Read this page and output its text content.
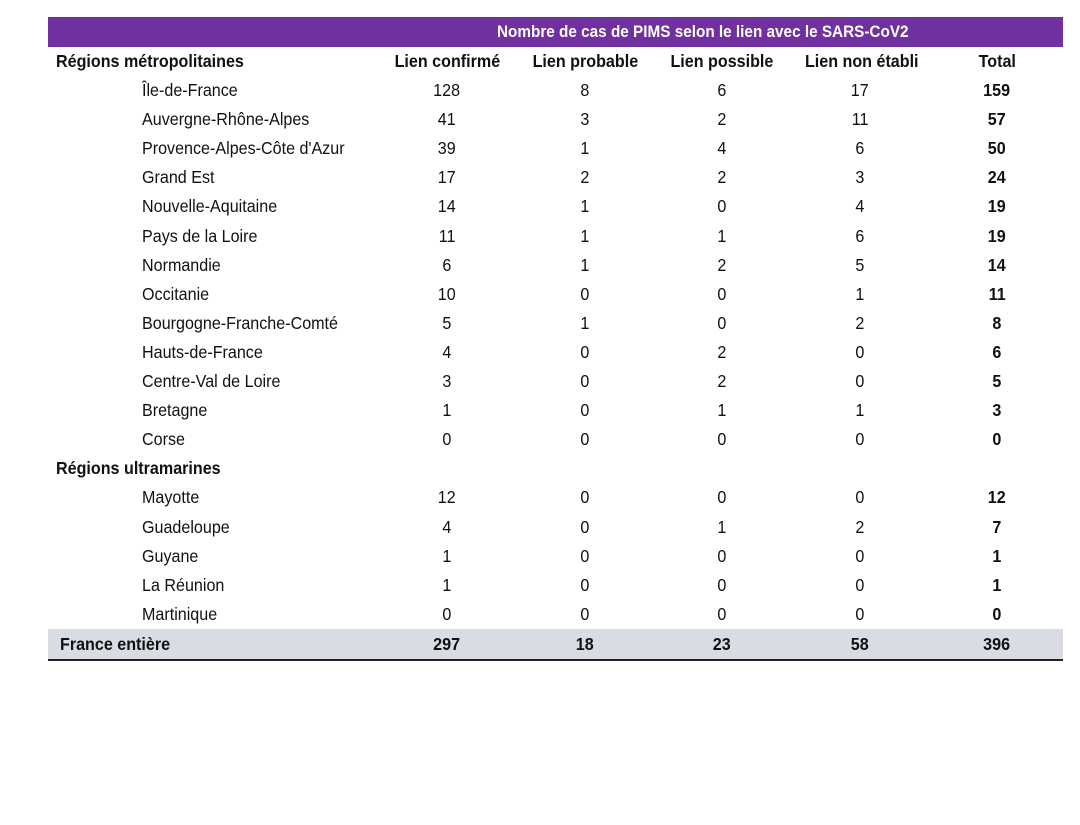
Nombre de cas de PIMS selon le lien avec le SARS-CoV2
Régions métropolitaines	Lien confirmé	Lien probable	Lien possible	Lien non établi	Total
Île-de-France	128	8	6	17	159
Auvergne-Rhône-Alpes	41	3	2	11	57
Provence-Alpes-Côte d'Azur	39	1	4	6	50
Grand Est	17	2	2	3	24
Nouvelle-Aquitaine	14	1	0	4	19
Pays de la Loire	11	1	1	6	19
Normandie	6	1	2	5	14
Occitanie	10	0	0	1	11
Bourgogne-Franche-Comté	5	1	0	2	8
Hauts-de-France	4	0	2	0	6
Centre-Val de Loire	3	0	2	0	5
Bretagne	1	0	1	1	3
Corse	0	0	0	0	0
Régions ultramarines
Mayotte	12	0	0	0	12
Guadeloupe	4	0	1	2	7
Guyane	1	0	0	0	1
La Réunion	1	0	0	0	1
Martinique	0	0	0	0	0
France entière	297	18	23	58	396
